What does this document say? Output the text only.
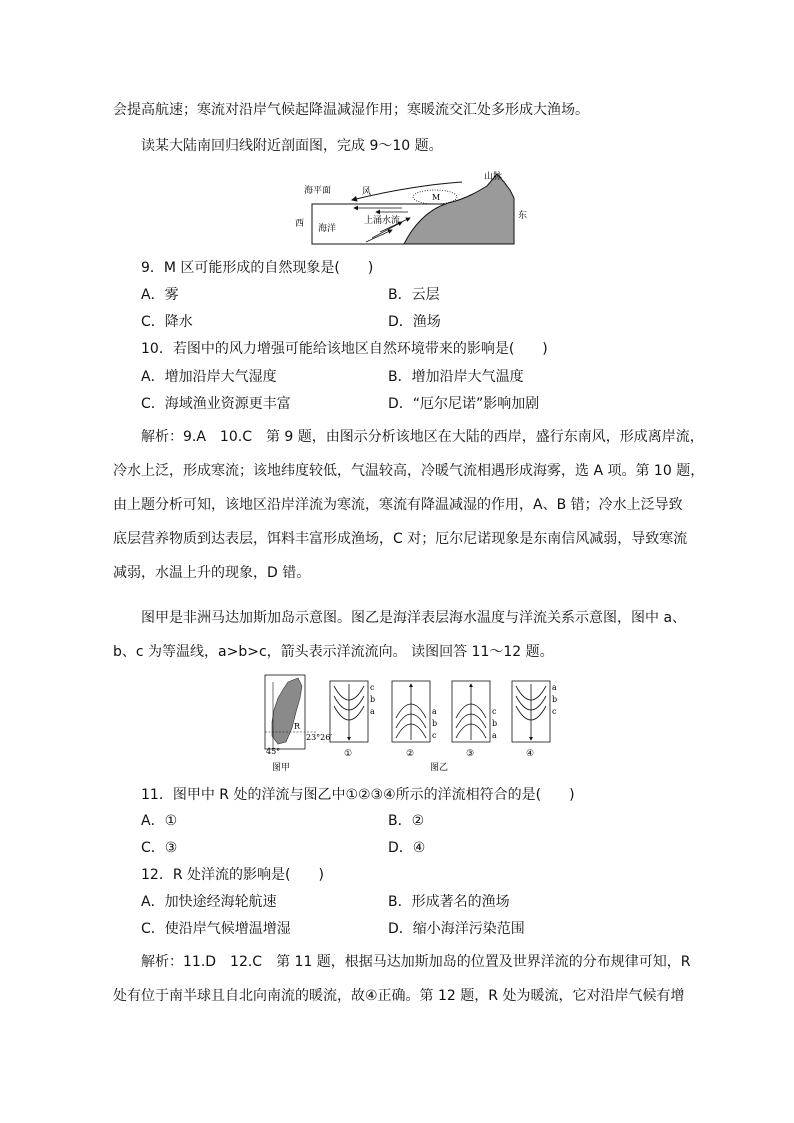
会提高航速；寒流对沿岸气候起降温减湿作用；寒暖流交汇处多形成大渔场。
读某大陆南回归线附近剖面图，完成 9～10 题。
M
海平面	风
山脉
西
东
上涌水流
海洋
9．M 区可能形成的自然现象是(　　)
A．雾	B．云层
C．降水	D．渔场
10．若图中的风力增强可能给该地区自然环境带来的影响是(　　)
A．增加沿岸大气湿度	B．增加沿岸大气温度
C．海域渔业资源更丰富	D．“厄尔尼诺”影响加剧
解析：9.A　10.C　第 9 题，由图示分析该地区在大陆的西岸，盛行东南风，形成离岸流，
冷水上泛，形成寒流；该地纬度较低，气温较高，冷暖气流相遇形成海雾，选 A 项。第 10 题，
由上题分析可知，该地区沿岸洋流为寒流，寒流有降温减湿的作用，A、B 错；冷水上泛导致
底层营养物质到达表层，饵料丰富形成渔场，C 对；厄尔尼诺现象是东南信风减弱，导致寒流
减弱，水温上升的现象，D 错。
图甲是非洲马达加斯加岛示意图。图乙是海洋表层海水温度与洋流关系示意图，图中 a、
b、c 为等温线，a>b>c，箭头表示洋流流向。 读图回答 11～12 题。
45°
23°26′
R
图甲
c
b
a
①
a
b
c
②
c
b
a
③
a
b
c
④
图乙
11．图甲中 R 处的洋流与图乙中①②③④所示的洋流相符合的是(　　)
A．①	B．②
C．③	D．④
12．R 处洋流的影响是(　　)
A．加快途经海轮航速	B．形成著名的渔场
C．使沿岸气候增温增湿	D．缩小海洋污染范围
解析：11.D　12.C　第 11 题，根据马达加斯加岛的位置及世界洋流的分布规律可知，R
处有位于南半球且自北向南流的暖流，故④正确。第 12 题，R 处为暖流，它对沿岸气候有增
